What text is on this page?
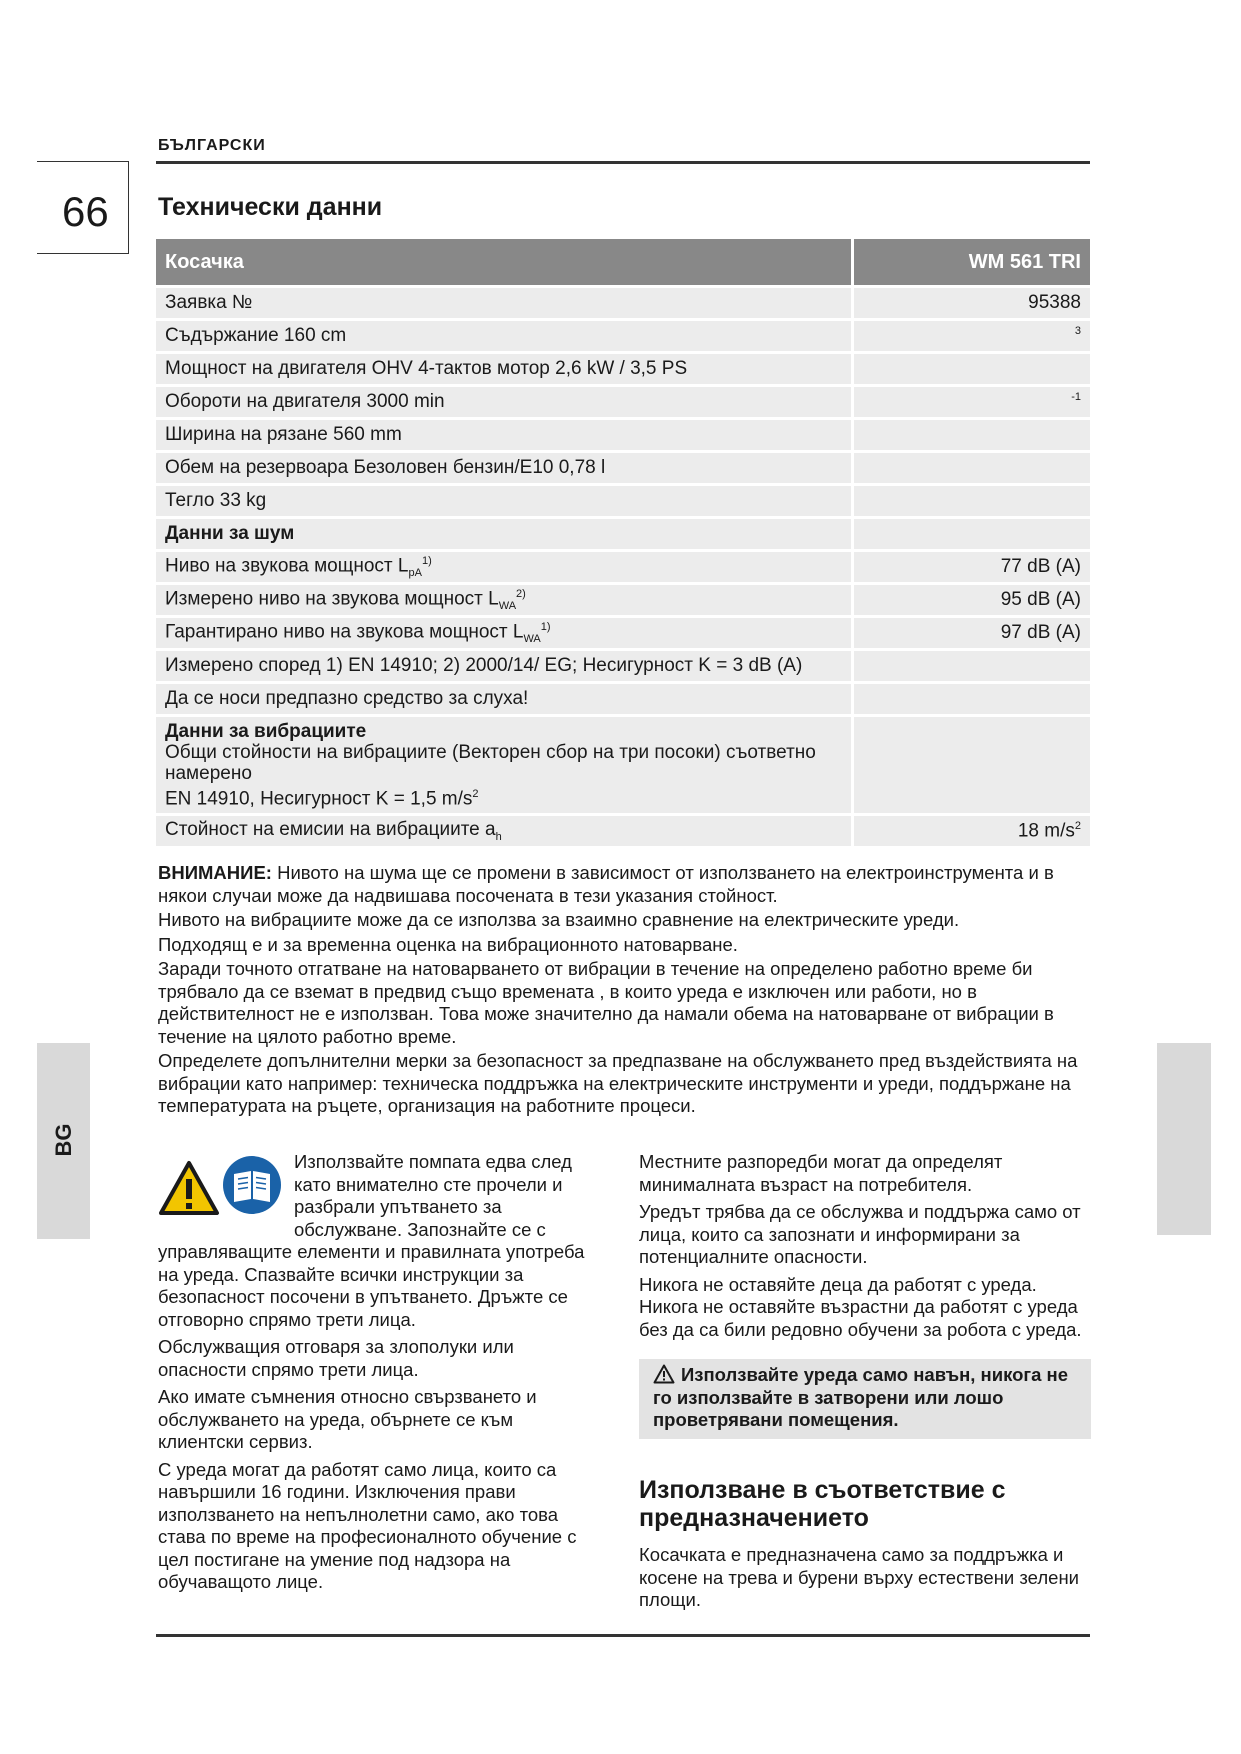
БЪЛГАРСКИ
66 Технически данни
Косачка	WM 561 TRI
Заявка №	95388
Съдържание 160 cm	$^3$
Мощност на двигателя OHV 4-тактов мотор 2,6 kW / 3,5 PS	
Обороти на двигателя 3000 min	$^{-1}$
Ширина на рязане 560 mm	
Обем на резервоара Безоловен бензин/E10 0,78 l	
Тегло 33 kg	
Данни за шум	
Ниво на звукова мощност $L_{pA}^{1)}$	77 dB (A)
Измерено ниво на звукова мощност $L_{WA}^{2)}$	95 dB (A)
Гарантирано ниво на звукова мощност $L_{WA}^{1)}$	97 dB (A)
Измерено според 1) EN 14910; 2) 2000/14/ EG; Несигурност K = 3 dB (A)	
Да се носи предпазно средство за слуха!	

Данни за вибрациите
Общи стойности на вибрациите (Векторен сбор на три посоки) съответно намерено
EN 14910, Несигурност K = 1,5 $m/s^2$

Стойност на емисии на вибрациите $a_h$	18 $m/s^2$

ВНИМАНИЕ: Нивото на шума ще се промени в зависимост от използването на електроинструмента и в някои случаи може да надвишава посочената в тези указания стойност.

Нивото на вибрациите може да се използва за взаимно сравнение на електрическите уреди.

Подходящ е и за временна оценка на вибрационното натоварване.

Заради точното отгатване на натоварването от вибрации в течение на определено работно време би трябвало да се вземат в предвид също времената , в които уреда е изключен или работи, но в действителност не е използван. Това може значително да намали обема на натоварване от вибрации в течение на цялото работно време.

Определете допълнителни мерки за безопасност за предпазване на обслужването пред въздействията на вибрации като например: техническа поддръжка на електрическите инструменти и уреди, поддържане на температурата на ръцете, организация на работните процеси.

BG

Използвайте помпата едва след като внимателно сте прочели и разбрали упътването за обслужване. Запознайте се с управляващите елементи и правилната употреба на уреда. Спазвайте всички инструкции за безопасност посочени в упътването. Дръжте се отговорно спрямо трети лица.

Обслужващия отговаря за злополуки или опасности спрямо трети лица.

Ако имате съмнения относно свързването и обслужването на уреда, обърнете се към клиентски сервиз.

С уреда могат да работят само лица, които са навършили 16 години. Изключения прави използването на непълнолетни само, ако това става по време на професионалното обучение с цел постигане на умение под надзора на обучаващото лице.

Местните разпоредби могат да определят минималната възраст на потребителя.

Уредът трябва да се обслужва и поддържа само от лица, които са запознати и информирани за потенциалните опасности.

Никога не оставяйте деца да работят с уреда. Никога не оставяйте възрастни да работят с уреда без да са били редовно обучени за робота с уреда.

Използвайте уреда само навън, никога не го използвайте в затворени или лошо проветрявани помещения.
Използване в съответствие с предназначението

Косачката е предназначена само за поддръжка и косене на трева и бурени върху естествени зелени площи.
